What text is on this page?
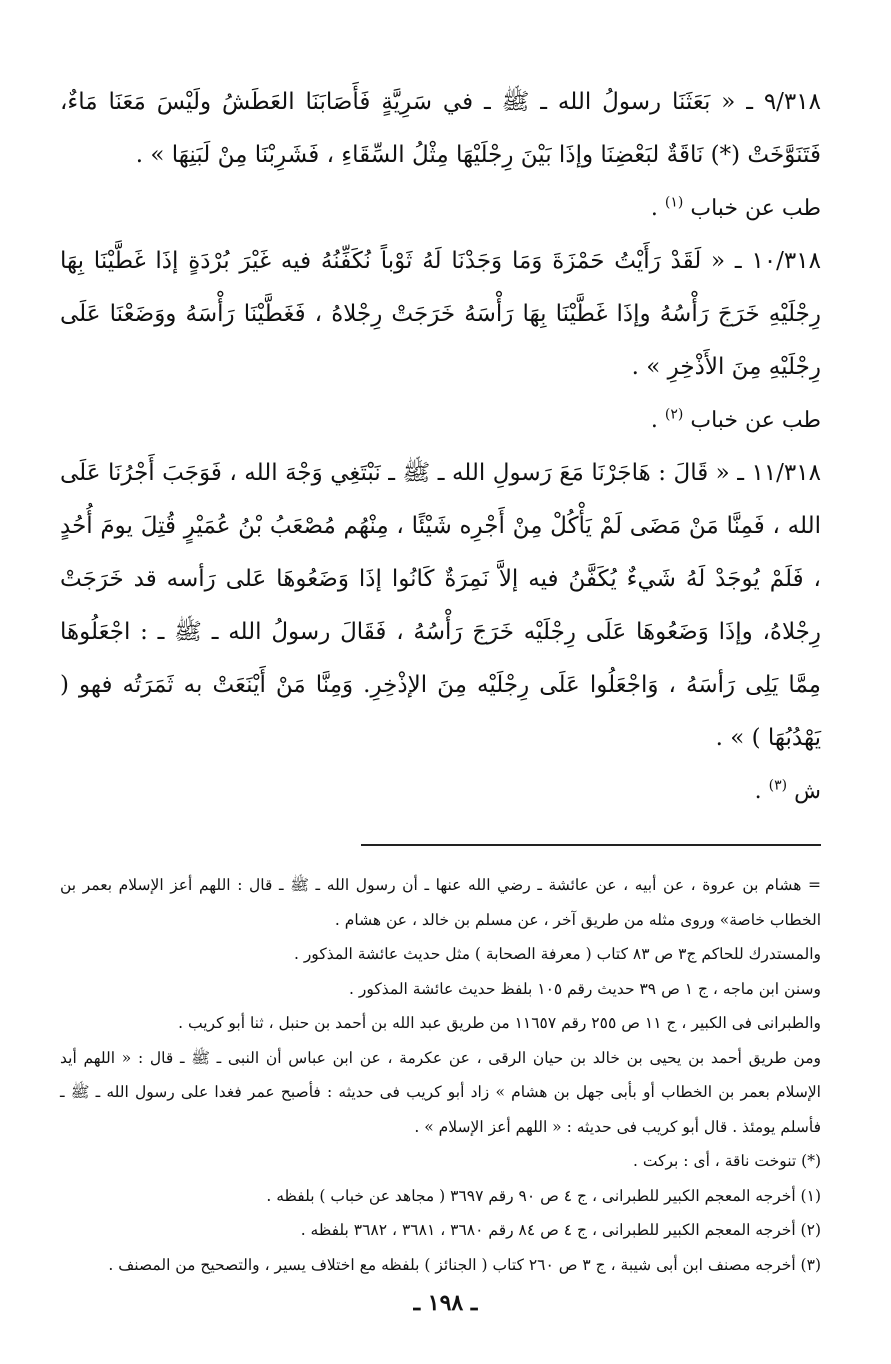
٩/٣١٨ ـ « بَعَثَنَا رسولُ الله ـ ﷺ ـ في سَرِيَّةٍ فَأَصَابَنَا العَطَشُ ولَيْسَ مَعَنَا مَاءٌ، فَتَنَوَّخَتْ (*) نَاقَةٌ لبَعْضِنَا وإذَا بَيْنَ رِجْلَيْهَا مِثْلُ السِّقَاءِ ، فَشَرِبْنَا مِنْ لَبَنِهَا » .

طب عن خباب $^{(١)}$ .

١٠/٣١٨ ـ « لَقَدْ رَأَيْتُ حَمْزَةَ وَمَا وَجَدْنَا لَهُ ثَوْباً نُكَفِّنُهُ فيه غَيْرَ بُرْدَةٍ إذَا غَطَّيْنَا بِهَا رِجْلَيْهِ خَرَجَ رَأْسُهُ وإذَا غَطَّيْنَا بِهَا رَأْسَهُ خَرَجَتْ رِجْلاهُ ، فَغَطَّيْنَا رَأْسَهُ ووَضَعْنَا عَلَى رِجْلَيْهِ مِنَ الأَذْخِرِ » .

طب عن خباب $^{(٢)}$ .

١١/٣١٨ ـ « قَالَ : هَاجَرْنَا مَعَ رَسولِ الله ـ ﷺ ـ نَبْتَغِي وَجْهَ الله ، فَوَجَبَ أَجْرُنَا عَلَى الله ، فَمِنَّا مَنْ مَضَى لَمْ يَأْكُلْ مِنْ أَجْرِه شَيْئًا ، مِنْهُم مُصْعَبُ بْنُ عُمَيْرٍ قُتِلَ يومَ أُحُدٍ ، فَلَمْ يُوجَدْ لَهُ شَيءٌ يُكَفَّنُ فيه إلاَّ نَمِرَةٌ كَانُوا إذَا وَضَعُوهَا عَلى رَأسه قد خَرَجَتْ رِجْلاهُ، وإذَا وَضَعُوهَا عَلَى رِجْلَيْه خَرَجَ رَأْسُهُ ، فَقَالَ رسولُ الله ـ ﷺ ـ : اجْعَلُوهَا مِمَّا يَلِى رَأسَهُ ، وَاجْعَلُوا عَلَى رِجْلَيْه مِنَ الإذْخِرِ. وَمِنَّا مَنْ أَيْنَعَتْ به ثَمَرَتُه فهو ( يَهْدُبُهَا ) » .

ش $^{(٣)}$ .

= هشام بن عروة ، عن أبيه ، عن عائشة ـ رضي الله عنها ـ أن رسول الله ـ ﷺ ـ قال : اللهم أعز الإسلام بعمر بن الخطاب خاصة» وروى مثله من طريق آخر ، عن مسلم بن خالد ، عن هشام .

والمستدرك للحاكم ج٣ ص ٨٣ كتاب ( معرفة الصحابة ) مثل حديث عائشة المذكور .

وسنن ابن ماجه ، ج ١ ص ٣٩ حديث رقم ١٠٥ بلفظ حديث عائشة المذكور .

والطبرانى فى الكبير ، ج ١١ ص ٢٥٥ رقم ١١٦٥٧ من طريق عبد الله بن أحمد بن حنبل ، ثنا أبو كريب .

ومن طريق أحمد بن يحيى بن خالد بن حيان الرقى ، عن عكرمة ، عن ابن عباس أن النبى ـ ﷺ ـ قال : « اللهم أيد الإسلام بعمر بن الخطاب أو بأبى جهل بن هشام » زاد أبو كريب فى حديثه : فأصبح عمر فغدا على رسول الله ـ ﷺ ـ فأسلم يومئذ . قال أبو كريب فى حديثه : « اللهم أعز الإسلام » .

(*) تنوخت ناقة ، أى : بركت .

(١) أخرجه المعجم الكبير للطبرانى ، ج ٤ ص ٩٠ رقم ٣٦٩٧ ( مجاهد عن خباب ) بلفظه .

(٢) أخرجه المعجم الكبير للطبرانى ، ج ٤ ص ٨٤ رقم ٣٦٨٠ ، ٣٦٨١ ، ٣٦٨٢ بلفظه .

(٣) أخرجه مصنف ابن أبى شيبة ، ج ٣ ص ٢٦٠ كتاب ( الجنائز ) بلفظه مع اختلاف يسير ، والتصحيح من المصنف .

ـ ١٩٨ ـ
